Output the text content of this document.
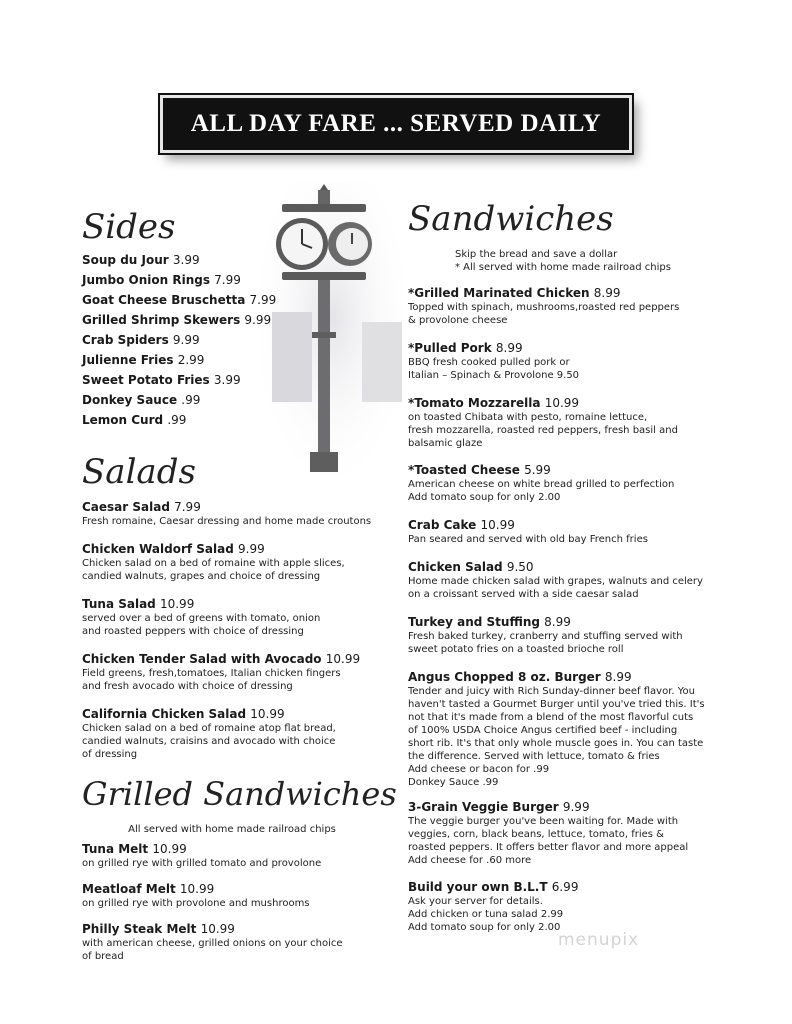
ALL DAY FARE ... SERVED DAILY
Sides
Soup du Jour 3.99
Jumbo Onion Rings 7.99
Goat Cheese Bruschetta 7.99
Grilled Shrimp Skewers 9.99
Crab Spiders 9.99
Julienne Fries 2.99
Sweet Potato Fries 3.99
Donkey Sauce .99
Lemon Curd .99
Salads
Caesar Salad 7.99
Fresh romaine, Caesar dressing and home made croutons
Chicken Waldorf Salad 9.99
Chicken salad on a bed of romaine with apple slices,
candied walnuts, grapes and choice of dressing
Tuna Salad 10.99
served over a bed of greens with tomato, onion
and roasted peppers with choice of dressing
Chicken Tender Salad with Avocado 10.99
Field greens, fresh,tomatoes, Italian chicken fingers
and fresh avocado with choice of dressing
California Chicken Salad 10.99
Chicken salad on a bed of romaine atop flat bread,
candied walnuts, craisins and avocado with choice
of dressing
Grilled Sandwiches
All served with home made railroad chips
Tuna Melt 10.99
on grilled rye with grilled tomato and provolone
Meatloaf Melt 10.99
on grilled rye with provolone and mushrooms
Philly Steak Melt 10.99
with american cheese, grilled onions on your choice
of bread
Sandwiches
Skip the bread and save a dollar
* All served with home made railroad chips
*Grilled Marinated Chicken 8.99
Topped with spinach, mushrooms,roasted red peppers
& provolone cheese
*Pulled Pork 8.99
BBQ fresh cooked pulled pork or
Italian – Spinach & Provolone 9.50
*Tomato Mozzarella 10.99
on toasted Chibata with pesto, romaine lettuce,
fresh mozzarella, roasted red peppers, fresh basil and
balsamic glaze
*Toasted Cheese 5.99
American cheese on white bread grilled to perfection
Add tomato soup for only 2.00
Crab Cake 10.99
Pan seared and served with old bay French fries
Chicken Salad 9.50
Home made chicken salad with grapes, walnuts and celery
on a croissant served with a side caesar salad
Turkey and Stuffing 8.99
Fresh baked turkey, cranberry and stuffing served with
sweet potato fries on a toasted brioche roll
Angus Chopped 8 oz. Burger 8.99
Tender and juicy with Rich Sunday-dinner beef flavor. You
haven't tasted a Gourmet Burger until you've tried this. It's
not that it's made from a blend of the most flavorful cuts
of 100% USDA Choice Angus certified beef - including
short rib. It's that only whole muscle goes in. You can taste
the difference. Served with lettuce, tomato & fries
Add cheese or bacon for .99
Donkey Sauce .99
3-Grain Veggie Burger 9.99
The veggie burger you've been waiting for. Made with
veggies, corn, black beans, lettuce, tomato, fries &
roasted peppers. It offers better flavor and more appeal
Add cheese for .60 more
Build your own B.L.T 6.99
Ask your server for details.
Add chicken or tuna salad 2.99
Add tomato soup for only 2.00
menupix
